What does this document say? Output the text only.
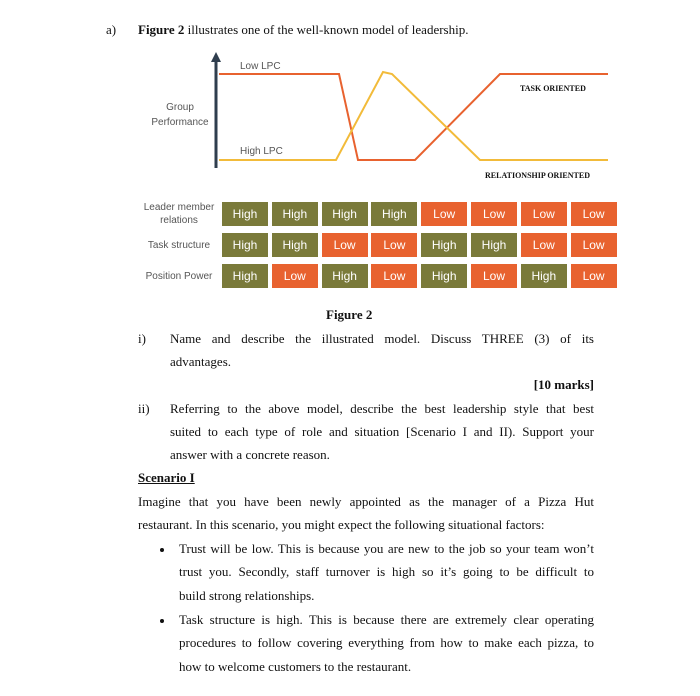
a) Figure 2 illustrates one of the well-known model of leadership.
Low LPC
High LPC
Group
Performance
TASK ORIENTED
RELATIONSHIP ORIENTED
Leader member
relations
Task structure
Position Power
High	High	High	High	Low	Low	Low	Low
High	High	Low	Low	High	High	Low	Low
High	Low	High	Low	High	Low	High	Low
Figure 2
i) Name and describe the illustrated model. Discuss THREE (3) of its
advantages.
[10 marks]
ii) Referring to the above model, describe the best leadership style that best
suited to each type of role and situation [Scenario I and II). Support your
answer with a concrete reason.
Scenario I
Imagine that you have been newly appointed as the manager of a Pizza Hut
restaurant. In this scenario, you might expect the following situational factors:
Trust will be low. This is because you are new to the job so your team won’t
trust you. Secondly, staff turnover is high so it’s going to be difficult to
build strong relationships.
Task structure is high. This is because there are extremely clear operating
procedures to follow covering everything from how to make each pizza, to
how to welcome customers to the restaurant.
